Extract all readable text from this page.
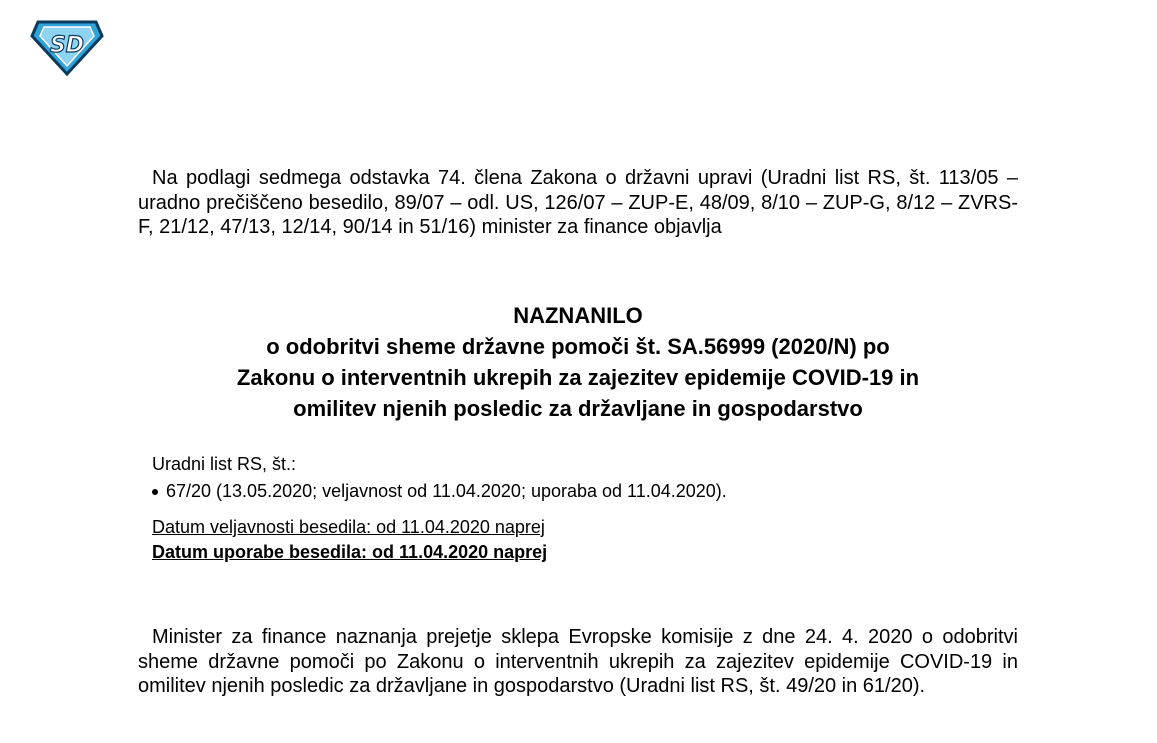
SD

Na podlagi sedmega odstavka 74. člena Zakona o državni upravi (Uradni list RS, št. 113/05 – uradno prečiščeno besedilo, 89/07 – odl. US, 126/07 – ZUP-E, 48/09, 8/10 – ZUP-G, 8/12 – ZVRS-F, 21/12, 47/13, 12/14, 90/14 in 51/16) minister za finance objavlja

NAZNANILO
o odobritvi sheme državne pomoči št. SA.56999 (2020/N) po
Zakonu o interventnih ukrepih za zajezitev epidemije COVID-19 in
omilitev njenih posledic za državljane in gospodarstvo
Uradni list RS, št.:
67/20 (13.05.2020; veljavnost od 11.04.2020; uporaba od 11.04.2020).
Datum veljavnosti besedila: od 11.04.2020 naprej
Datum uporabe besedila: od 11.04.2020 naprej

Minister za finance naznanja prejetje sklepa Evropske komisije z dne 24. 4. 2020 o odobritvi sheme državne pomoči po Zakonu o interventnih ukrepih za zajezitev epidemije COVID-19 in omilitev njenih posledic za državljane in gospodarstvo (Uradni list RS, št. 49/20 in 61/20).
